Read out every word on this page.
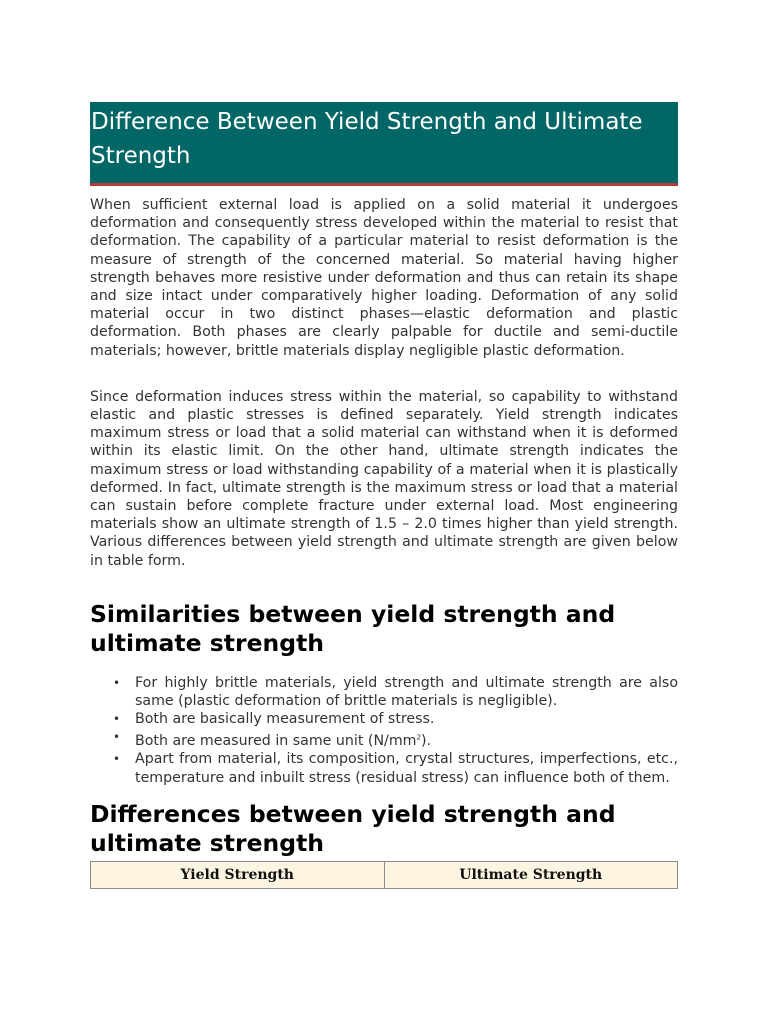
Difference Between Yield Strength and Ultimate Strength

When sufficient external load is applied on a solid material it undergoes deformation and consequently stress developed within the material to resist that deformation. The capability of a particular material to resist deformation is the measure of strength of the concerned material. So material having higher strength behaves more resistive under deformation and thus can retain its shape and size intact under comparatively higher loading. Deformation of any solid material occur in two distinct phases—elastic deformation and plastic deformation. Both phases are clearly palpable for ductile and semi-ductile materials; however, brittle materials display negligible plastic deformation.

Since deformation induces stress within the material, so capability to withstand elastic and plastic stresses is defined separately. Yield strength indicates maximum stress or load that a solid material can withstand when it is deformed within its elastic limit. On the other hand, ultimate strength indicates the maximum stress or load withstanding capability of a material when it is plastically deformed. In fact, ultimate strength is the maximum stress or load that a material can sustain before complete fracture under external load. Most engineering materials show an ultimate strength of 1.5 – 2.0 times higher than yield strength. Various differences between yield strength and ultimate strength are given below in table form.

Similarities between yield strength and ultimate strength
• For highly brittle materials, yield strength and ultimate strength are also same (plastic deformation of brittle materials is negligible).
• Both are basically measurement of stress.
• Both are measured in same unit $(N/mm^2)$.
• Apart from material, its composition, crystal structures, imperfections, etc., temperature and inbuilt stress (residual stress) can influence both of them.
Differences between yield strength and ultimate strength
Yield Strength	Ultimate Strength
